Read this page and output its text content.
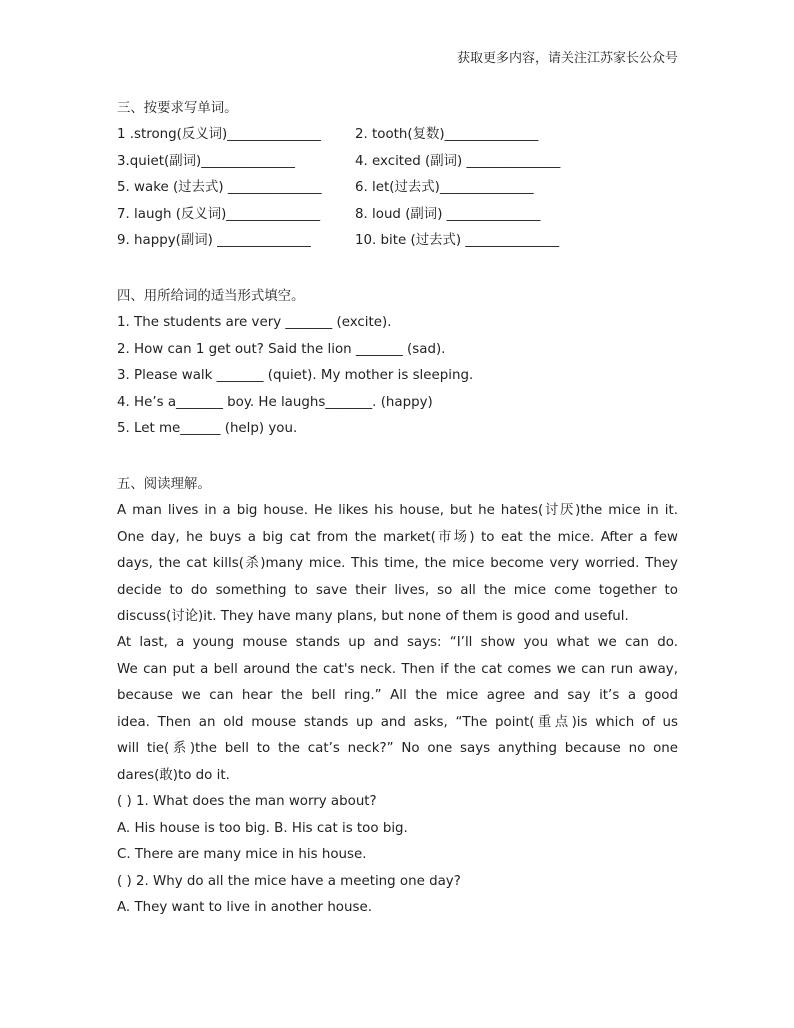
获取更多内容，请关注江苏家长公众号
三、按要求写单词。
1 .strong(反义词)______________	2. tooth(复数)______________
3.quiet(副词)______________	4. excited (副词) ______________
5. wake (过去式) ______________ 6. let(过去式)______________
7. laugh (反义词)______________	8. loud (副词) ______________
9. happy(副词) ______________	10. bite (过去式) ______________
四、用所给词的适当形式填空。
1. The students are very _______ (excite).
2. How can 1 get out? Said the lion _______ (sad).
3. Please walk _______ (quiet). My mother is sleeping.
4. He’s a_______ boy. He laughs_______. (happy)
5. Let me______ (help) you.
五、阅读理解。
A man lives in a big house. He likes his house, but he hates(讨厌)the mice in it.
One day, he buys a big cat from the market(市场) to eat the mice. After a few
days, the cat kills(杀)many mice. This time, the mice become very worried. They
decide to do something to save their lives, so all the mice come together to
discuss(讨论)it. They have many plans, but none of them is good and useful.
At last, a young mouse stands up and says: “I’ll show you what we can do.
We can put a bell around the cat's neck. Then if the cat comes we can run away,
because we can hear the bell ring.” All the mice agree and say it’s a good
idea. Then an old mouse stands up and asks, “The point(重点)is which of us
will tie(系)the bell to the cat’s neck?” No one says anything because no one
dares(敢)to do it.
( ) 1. What does the man worry about?
A. His house is too big. B. His cat is too big.
C. There are many mice in his house.
( ) 2. Why do all the mice have a meeting one day?
A. They want to live in another house.
